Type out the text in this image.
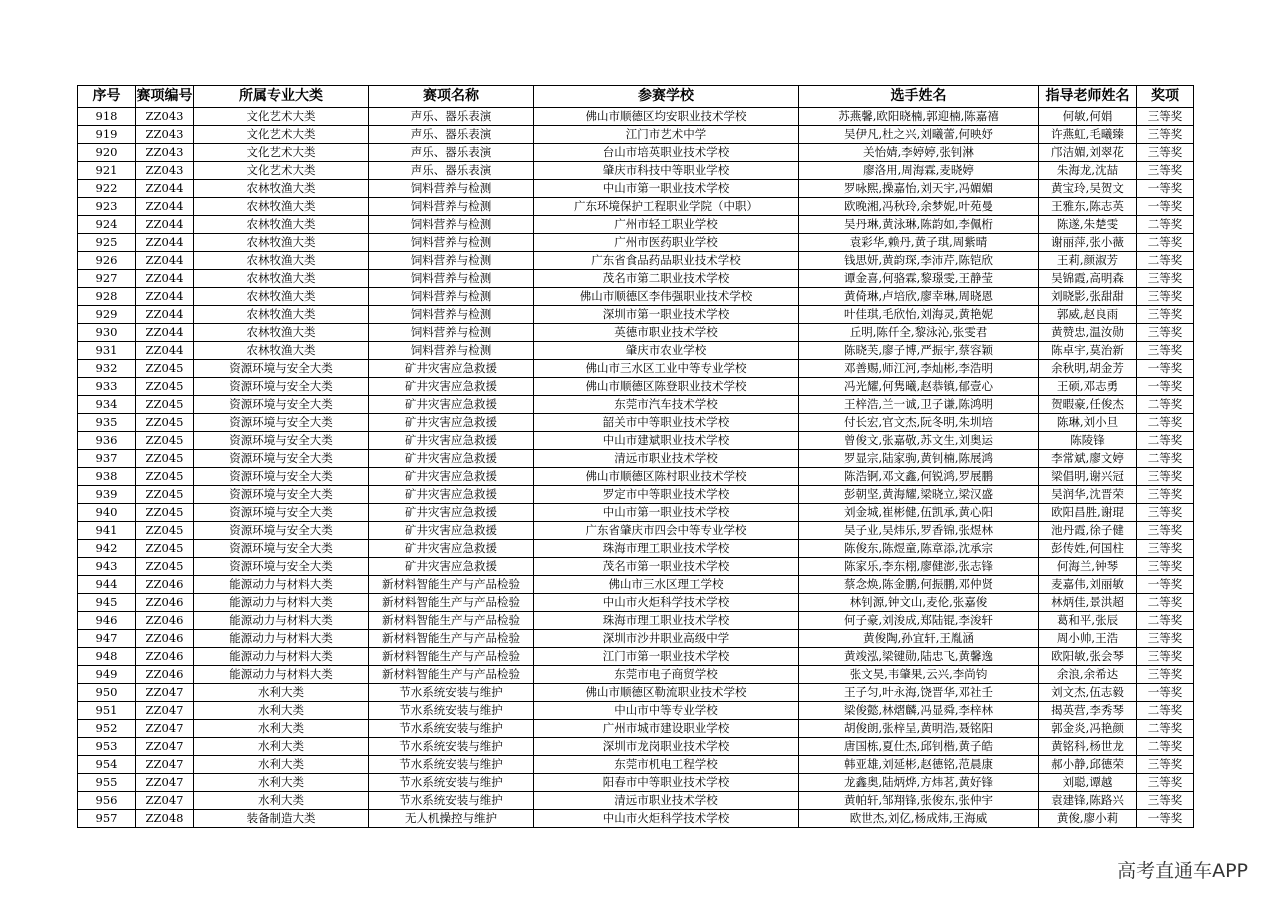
序号	赛项编号	所属专业大类	赛项名称	参赛学校	选手姓名	指导老师姓名	奖项
918	ZZ043	文化艺术大类	声乐、器乐表演	佛山市顺德区均安职业技术学校	苏燕馨,欧阳晓楠,郭迎楠,陈嘉禧	何敏,何娟	三等奖
919	ZZ043	文化艺术大类	声乐、器乐表演	江门市艺术中学	吴伊凡,杜之兴,刘曦蕾,何映妤	许燕虹,毛曦臻	三等奖
920	ZZ043	文化艺术大类	声乐、器乐表演	台山市培英职业技术学校	关怡婧,李婷婷,张钊淋	邝洁媚,刘翠花	三等奖
921	ZZ043	文化艺术大类	声乐、器乐表演	肇庆市科技中等职业学校	廖洛用,周海霖,麦晓婷	朱海龙,沈喆	三等奖
922	ZZ044	农林牧渔大类	饲料营养与检测	中山市第一职业技术学校	罗咏熙,操嘉怡,刘天宇,冯媚媚	黄宝玲,吴贺文	一等奖
923	ZZ044	农林牧渔大类	饲料营养与检测	广东环境保护工程职业学院（中职）	欧晚湘,冯秋玲,余梦妮,叶苑曼	王雅东,陈志英	一等奖
924	ZZ044	农林牧渔大类	饲料营养与检测	广州市轻工职业学校	吴丹琳,黄泳琳,陈韵如,李佩桁	陈遂,朱楚雯	二等奖
925	ZZ044	农林牧渔大类	饲料营养与检测	广州市医药职业学校	袁彩华,赖丹,黄子琪,周紫晴	谢丽萍,张小薇	二等奖
926	ZZ044	农林牧渔大类	饲料营养与检测	广东省食品药品职业技术学校	钱思妍,黄韵琛,李沛芹,陈铠欣	王莉,颜淑芳	二等奖
927	ZZ044	农林牧渔大类	饲料营养与检测	茂名市第二职业技术学校	谭金喜,何骆霖,黎璟雯,王静莹	吴锦霞,高明森	三等奖
928	ZZ044	农林牧渔大类	饲料营养与检测	佛山市顺德区李伟强职业技术学校	黄倚琳,卢培欣,廖幸琳,周晓恩	刘晓影,张甜甜	三等奖
929	ZZ044	农林牧渔大类	饲料营养与检测	深圳市第一职业技术学校	叶佳琪,毛欣怡,刘海灵,黄艳妮	郭威,赵良雨	三等奖
930	ZZ044	农林牧渔大类	饲料营养与检测	英德市职业技术学校	丘明,陈仟全,黎泳沁,张雯君	黄赞忠,温汝勋	三等奖
931	ZZ044	农林牧渔大类	饲料营养与检测	肇庆市农业学校	陈晓芙,廖子博,严振宇,蔡容颖	陈卓宇,莫治新	三等奖
932	ZZ045	资源环境与安全大类	矿井灾害应急救援	佛山市三水区工业中等专业学校	邓善赐,师江河,李灿彬,李浩明	余秋明,胡金芳	一等奖
933	ZZ045	资源环境与安全大类	矿井灾害应急救援	佛山市顺德区陈登职业技术学校	冯光耀,何隽曦,赵恭镇,郁壹心	王硕,邓志勇	一等奖
934	ZZ045	资源环境与安全大类	矿井灾害应急救援	东莞市汽车技术学校	王梓浩,兰一诚,卫子谦,陈鸿明	贺暇豪,任俊杰	二等奖
935	ZZ045	资源环境与安全大类	矿井灾害应急救援	韶关市中等职业技术学校	付长宏,官文杰,阮冬明,朱圳培	陈琳,刘小旦	二等奖
936	ZZ045	资源环境与安全大类	矿井灾害应急救援	中山市建斌职业技术学校	曾俊文,张嘉敬,苏文生,刘奥运	陈陵锋	二等奖
937	ZZ045	资源环境与安全大类	矿井灾害应急救援	清远市职业技术学校	罗显宗,陆家驹,黄钊楠,陈展鸿	李常斌,廖文婷	二等奖
938	ZZ045	资源环境与安全大类	矿井灾害应急救援	佛山市顺德区陈村职业技术学校	陈浩锕,邓文鑫,何锐鸿,罗展鹏	梁倡明,谢兴冠	三等奖
939	ZZ045	资源环境与安全大类	矿井灾害应急救援	罗定市中等职业技术学校	彭朝坚,黄海耀,梁晓立,梁汉盛	吴润华,沈晋荣	三等奖
940	ZZ045	资源环境与安全大类	矿井灾害应急救援	中山市第一职业技术学校	刘金城,崔彬健,伍凯承,黄心阳	欧阳昌胜,谢琨	三等奖
941	ZZ045	资源环境与安全大类	矿井灾害应急救援	广东省肇庆市四会中等专业学校	吴子业,吴炜乐,罗香锦,张煜林	池丹霞,徐子健	三等奖
942	ZZ045	资源环境与安全大类	矿井灾害应急救援	珠海市理工职业技术学校	陈俊东,陈煜童,陈章添,沈承宗	彭传姓,何国柱	三等奖
943	ZZ045	资源环境与安全大类	矿井灾害应急救援	茂名市第一职业技术学校	陈家乐,李东栩,廖健澎,张志锋	何海兰,钟琴	三等奖
944	ZZ046	能源动力与材料大类	新材料智能生产与产品检验	佛山市三水区理工学校	蔡念焕,陈金鹏,何振鹏,邓仲贤	麦嘉伟,刘丽敏	一等奖
945	ZZ046	能源动力与材料大类	新材料智能生产与产品检验	中山市火炬科学技术学校	林钊源,钟文山,麦伦,张嘉俊	林炳佳,景洪超	二等奖
946	ZZ046	能源动力与材料大类	新材料智能生产与产品检验	珠海市理工职业技术学校	何子豪,刘浚成,郑陆锟,李浚轩	葛和平,张辰	二等奖
947	ZZ046	能源动力与材料大类	新材料智能生产与产品检验	深圳市沙井职业高级中学	黄俊陶,孙宜轩,王胤涵	周小帅,王浩	三等奖
948	ZZ046	能源动力与材料大类	新材料智能生产与产品检验	江门市第一职业技术学校	黄竣泓,梁键勋,陆忠飞,黄馨逸	欧阳敏,张会琴	三等奖
949	ZZ046	能源动力与材料大类	新材料智能生产与产品检验	东莞市电子商贸学校	张文昊,韦肇果,云兴,李尚钧	余浪,余希达	三等奖
950	ZZ047	水利大类	节水系统安装与维护	佛山市顺德区勒流职业技术学校	王子匀,叶永海,饶晋华,邓社壬	刘文杰,伍志毅	一等奖
951	ZZ047	水利大类	节水系统安装与维护	中山市中等专业学校	梁俊懿,林熠麟,冯显舜,李梓林	揭英营,李秀琴	二等奖
952	ZZ047	水利大类	节水系统安装与维护	广州市城市建设职业学校	胡俊朗,张梓呈,黄明浩,聂铭阳	郭金炎,冯艳颜	二等奖
953	ZZ047	水利大类	节水系统安装与维护	深圳市龙岗职业技术学校	唐国栋,夏仕杰,邱钊楷,黄子皓	黄铭科,杨世龙	二等奖
954	ZZ047	水利大类	节水系统安装与维护	东莞市机电工程学校	韩亚雄,刘延彬,赵德铭,范晨康	郝小静,邱德荣	三等奖
955	ZZ047	水利大类	节水系统安装与维护	阳春市中等职业技术学校	龙鑫奥,陆炳烨,方炜茗,黄好锋	刘聪,谭越	三等奖
956	ZZ047	水利大类	节水系统安装与维护	清远市职业技术学校	黄帕轩,邹翔锋,张俊东,张仲宇	袁建锋,陈路兴	三等奖
957	ZZ048	装备制造大类	无人机操控与维护	中山市火炬科学技术学校	欧世杰,刘亿,杨成炜,王海威	黄俊,廖小莉	一等奖
高考直通车APP
